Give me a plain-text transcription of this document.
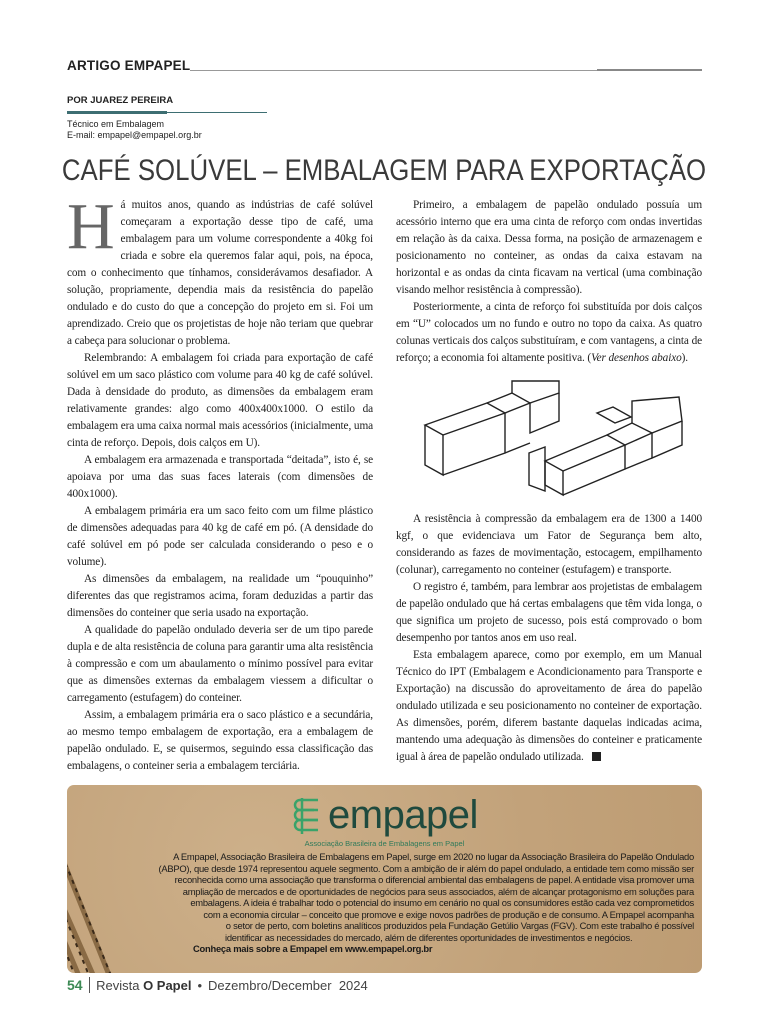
ARTIGO EMPAPEL
POR JUAREZ PEREIRA
Técnico em Embalagem
E-mail: empapel@empapel.org.br
CAFÉ SOLÚVEL – EMBALAGEM PARA EXPORTAÇÃO

Há muitos anos, quando as indústrias de café solúvel começaram a exportação desse tipo de café, uma embalagem para um volume correspondente a 40kg foi criada e sobre ela queremos falar aqui, pois, na época, com o conhecimento que tínhamos, considerávamos desafiador. A solução, propriamente, dependia mais da resistência do papelão ondulado e do custo do que a concepção do projeto em si. Foi um aprendizado. Creio que os projetistas de hoje não teriam que quebrar a cabeça para solucionar o problema.

Relembrando: A embalagem foi criada para exportação de café solúvel em um saco plástico com volume para 40 kg de café solúvel. Dada à densidade do produto, as dimensões da embalagem eram relativamente grandes: algo como 400x400x1000. O estilo da embalagem era uma caixa normal mais acessórios (inicialmente, uma cinta de reforço. Depois, dois calços em U).

A embalagem era armazenada e transportada “deitada”, isto é, se apoiava por uma das suas faces laterais (com dimensões de 400x1000).

A embalagem primária era um saco feito com um filme plástico de dimensões adequadas para 40 kg de café em pó. (A densidade do café solúvel em pó pode ser calculada considerando o peso e o volume).

As dimensões da embalagem, na realidade um “pouquinho” diferentes das que registramos acima, foram deduzidas a partir das dimensões do conteiner que seria usado na exportação.

A qualidade do papelão ondulado deveria ser de um tipo parede dupla e de alta resistência de coluna para garantir uma alta resistência à compressão e com um abaulamento o mínimo possível para evitar que as dimensões externas da embalagem viessem a dificultar o carregamento (estufagem) do conteiner.

Assim, a embalagem primária era o saco plástico e a secundária, ao mesmo tempo embalagem de exportação, era a embalagem de papelão ondulado. E, se quisermos, seguindo essa classificação das embalagens, o conteiner seria a embalagem terciária.

Primeiro, a embalagem de papelão ondulado possuía um acessório interno que era uma cinta de reforço com ondas invertidas em relação às da caixa. Dessa forma, na posição de armazenagem e posicionamento no conteiner, as ondas da caixa estavam na horizontal e as ondas da cinta ficavam na vertical (uma combinação visando melhor resistência à compressão).

Posteriormente, a cinta de reforço foi substituída por dois calços em “U” colocados um no fundo e outro no topo da caixa. As quatro colunas verticais dos calços substituíram, e com vantagens, a cinta de reforço; a economia foi altamente positiva. (Ver desenhos abaixo).

A resistência à compressão da embalagem era de 1300 a 1400 kgf, o que evidenciava um Fator de Segurança bem alto, considerando as fazes de movimentação, estocagem, empilhamento (colunar), carregamento no conteiner (estufagem) e transporte.

O registro é, também, para lembrar aos projetistas de embalagem de papelão ondulado que há certas embalagens que têm vida longa, o que significa um projeto de sucesso, pois está comprovado o bom desempenho por tantos anos em uso real.

Esta embalagem aparece, como por exemplo, em um Manual Técnico do IPT (Embalagem e Acondicionamento para Transporte e Exportação) na discussão do aproveitamento de área do papelão ondulado utilizada e seu posicionamento no conteiner de exportação. As dimensões, porém, diferem bastante daquelas indicadas acima, mantendo uma adequação às dimensões do conteiner e praticamente igual à área de papelão ondulado utilizada.

empapel
Associação Brasileira de Embalagens em Papel
A Empapel, Associação Brasileira de Embalagens em Papel, surge em 2020 no lugar da Associação Brasileira do Papelão Ondulado
(ABPO), que desde 1974 representou aquele segmento. Com a ambição de ir além do papel ondulado, a entidade tem como missão ser
reconhecida como uma associação que transforma o diferencial ambiental das embalagens de papel. A entidade visa promover uma
ampliação de mercados e de oportunidades de negócios para seus associados, além de alcançar protagonismo em soluções para
embalagens. A ideia é trabalhar todo o potencial do insumo em cenário no qual os consumidores estão cada vez comprometidos
com a economia circular – conceito que promove e exige novos padrões de produção e de consumo. A Empapel acompanha
o setor de perto, com boletins analíticos produzidos pela Fundação Getúlio Vargas (FGV). Com este trabalho é possível
identificar as necessidades do mercado, além de diferentes oportunidades de investimentos e negócios.
Conheça mais sobre a Empapel em www.empapel.org.br
54 Revista O Papel • Dezembro/December  2024
